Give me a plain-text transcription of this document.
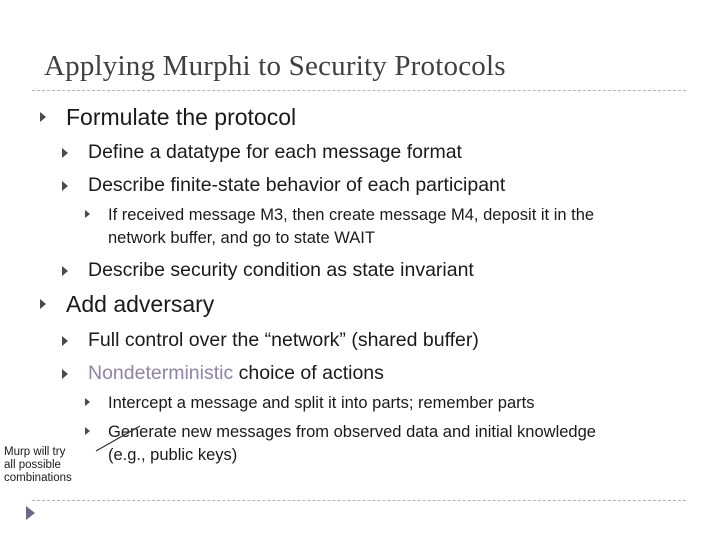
Applying Murphi to Security Protocols
Formulate the protocol
Define a datatype for each message format
Describe finite-state behavior of each participant
If received message M3, then create message M4, deposit it in the
network buffer, and go to state WAIT
Describe security condition as state invariant
Add adversary
Full control over the “network” (shared buffer)
Nondeterministic choice of actions
Intercept a message and split it into parts; remember parts
Generate new messages from observed data and initial knowledge
(e.g., public keys)
Murp will try
all possible
combinations
